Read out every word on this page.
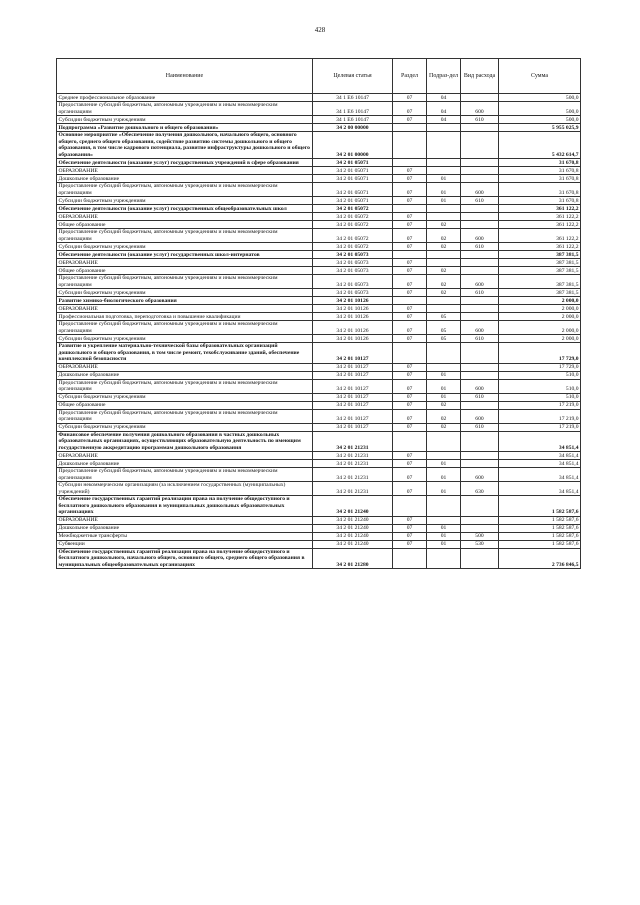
428
Наименование	Целевая статья	Раздел	Подраз-дел	Вид расхода	Сумма
Среднее профессиональное образование	34 1 Е6 10147	07	04		500,0
Предоставление субсидий бюджетным, автономным учреждениям и иным некоммерческим организациям	34 1 Е6 10147	07	04	600	500,0
Субсидии бюджетным учреждениям	34 1 Е6 10147	07	04	610	500,0
Подпрограмма «Развитие дошкольного и общего образования»	34 2 00 00000				5 955 025,9
Основное мероприятие «Обеспечение получения дошкольного, начального общего, основного общего, среднего общего образования, содействие развитию системы дошкольного и общего образования, в том числе кадрового потенциала, развитие инфраструктуры дошкольного и общего образования»	34 2 01 00000				5 432 614,7
Обеспечение деятельности (оказание услуг) государственных учреждений в сфере образования	34 2 01 05071				31 670,8
ОБРАЗОВАНИЕ	34 2 01 05071	07			31 670,8
Дошкольное образование	34 2 01 05071	07	01		31 670,8
Предоставление субсидий бюджетным, автономным учреждениям и иным некоммерческим организациям	34 2 01 05071	07	01	600	31 670,8
Субсидии бюджетным учреждениям	34 2 01 05071	07	01	610	31 670,8
Обеспечение деятельности (оказание услуг) государственных общеобразовательных школ	34 2 01 05072				361 122,2
ОБРАЗОВАНИЕ	34 2 01 05072	07			361 122,2
Общее образование	34 2 01 05072	07	02		361 122,2
Предоставление субсидий бюджетным, автономным учреждениям и иным некоммерческим организациям	34 2 01 05072	07	02	600	361 122,2
Субсидии бюджетным учреждениям	34 2 01 05072	07	02	610	361 122,2
Обеспечение деятельности (оказание услуг) государственных школ-интернатов	34 2 01 05073				387 381,5
ОБРАЗОВАНИЕ	34 2 01 05073	07			387 381,5
Общее образование	34 2 01 05073	07	02		387 381,5
Предоставление субсидий бюджетным, автономным учреждениям и иным некоммерческим организациям	34 2 01 05073	07	02	600	387 381,5
Субсидии бюджетным учреждениям	34 2 01 05073	07	02	610	387 381,5
Развитие химико-биологического образования	34 2 01 10126				2 000,0
ОБРАЗОВАНИЕ	34 2 01 10126	07			2 000,0
Профессиональная подготовка, переподготовка и повышение квалификации	34 2 01 10126	07	05		2 000,0
Предоставление субсидий бюджетным, автономным учреждениям и иным некоммерческим организациям	34 2 01 10126	07	05	600	2 000,0
Субсидии бюджетным учреждениям	34 2 01 10126	07	05	610	2 000,0
Развитие и укрепление материально-технической базы образовательных организаций дошкольного и общего образования, в том числе ремонт, техобслуживание зданий, обеспечение комплексной безопасности	34 2 01 10127				17 729,0
ОБРАЗОВАНИЕ	34 2 01 10127	07			17 729,0
Дошкольное образование	34 2 01 10127	07	01		510,0
Предоставление субсидий бюджетным, автономным учреждениям и иным некоммерческим организациям	34 2 01 10127	07	01	600	510,0
Субсидии бюджетным учреждениям	34 2 01 10127	07	01	610	510,0
Общее образование	34 2 01 10127	07	02		17 219,0
Предоставление субсидий бюджетным, автономным учреждениям и иным некоммерческим организациям	34 2 01 10127	07	02	600	17 219,0
Субсидии бюджетным учреждениям	34 2 01 10127	07	02	610	17 219,0
Финансовое обеспечение получения дошкольного образования в частных дошкольных образовательных организациях, осуществляющих образовательную деятельность по имеющим государственную аккредитацию программам дошкольного образования	34 2 01 21231				34 851,4
ОБРАЗОВАНИЕ	34 2 01 21231	07			34 851,4
Дошкольное образование	34 2 01 21231	07	01		34 851,4
Предоставление субсидий бюджетным, автономным учреждениям и иным некоммерческим организациям	34 2 01 21231	07	01	600	34 851,4
Субсидии некоммерческим организациям (за исключением государственных (муниципальных) учреждений)	34 2 01 21231	07	01	630	34 851,4
Обеспечение государственных гарантий реализации права на получение общедоступного и бесплатного дошкольного образования в муниципальных дошкольных образовательных организациях	34 2 01 21240				1 582 587,6
ОБРАЗОВАНИЕ	34 2 01 21240	07			1 582 587,6
Дошкольное образование	34 2 01 21240	07	01		1 582 587,6
Межбюджетные трансферты	34 2 01 21240	07	01	500	1 582 587,6
Субвенции	34 2 01 21240	07	01	530	1 582 587,6
Обеспечение государственных гарантий реализации права на получение общедоступного и бесплатного дошкольного, начального общего, основного общего, среднего общего образования в муниципальных общеобразовательных организациях	34 2 01 21280				2 736 846,5
